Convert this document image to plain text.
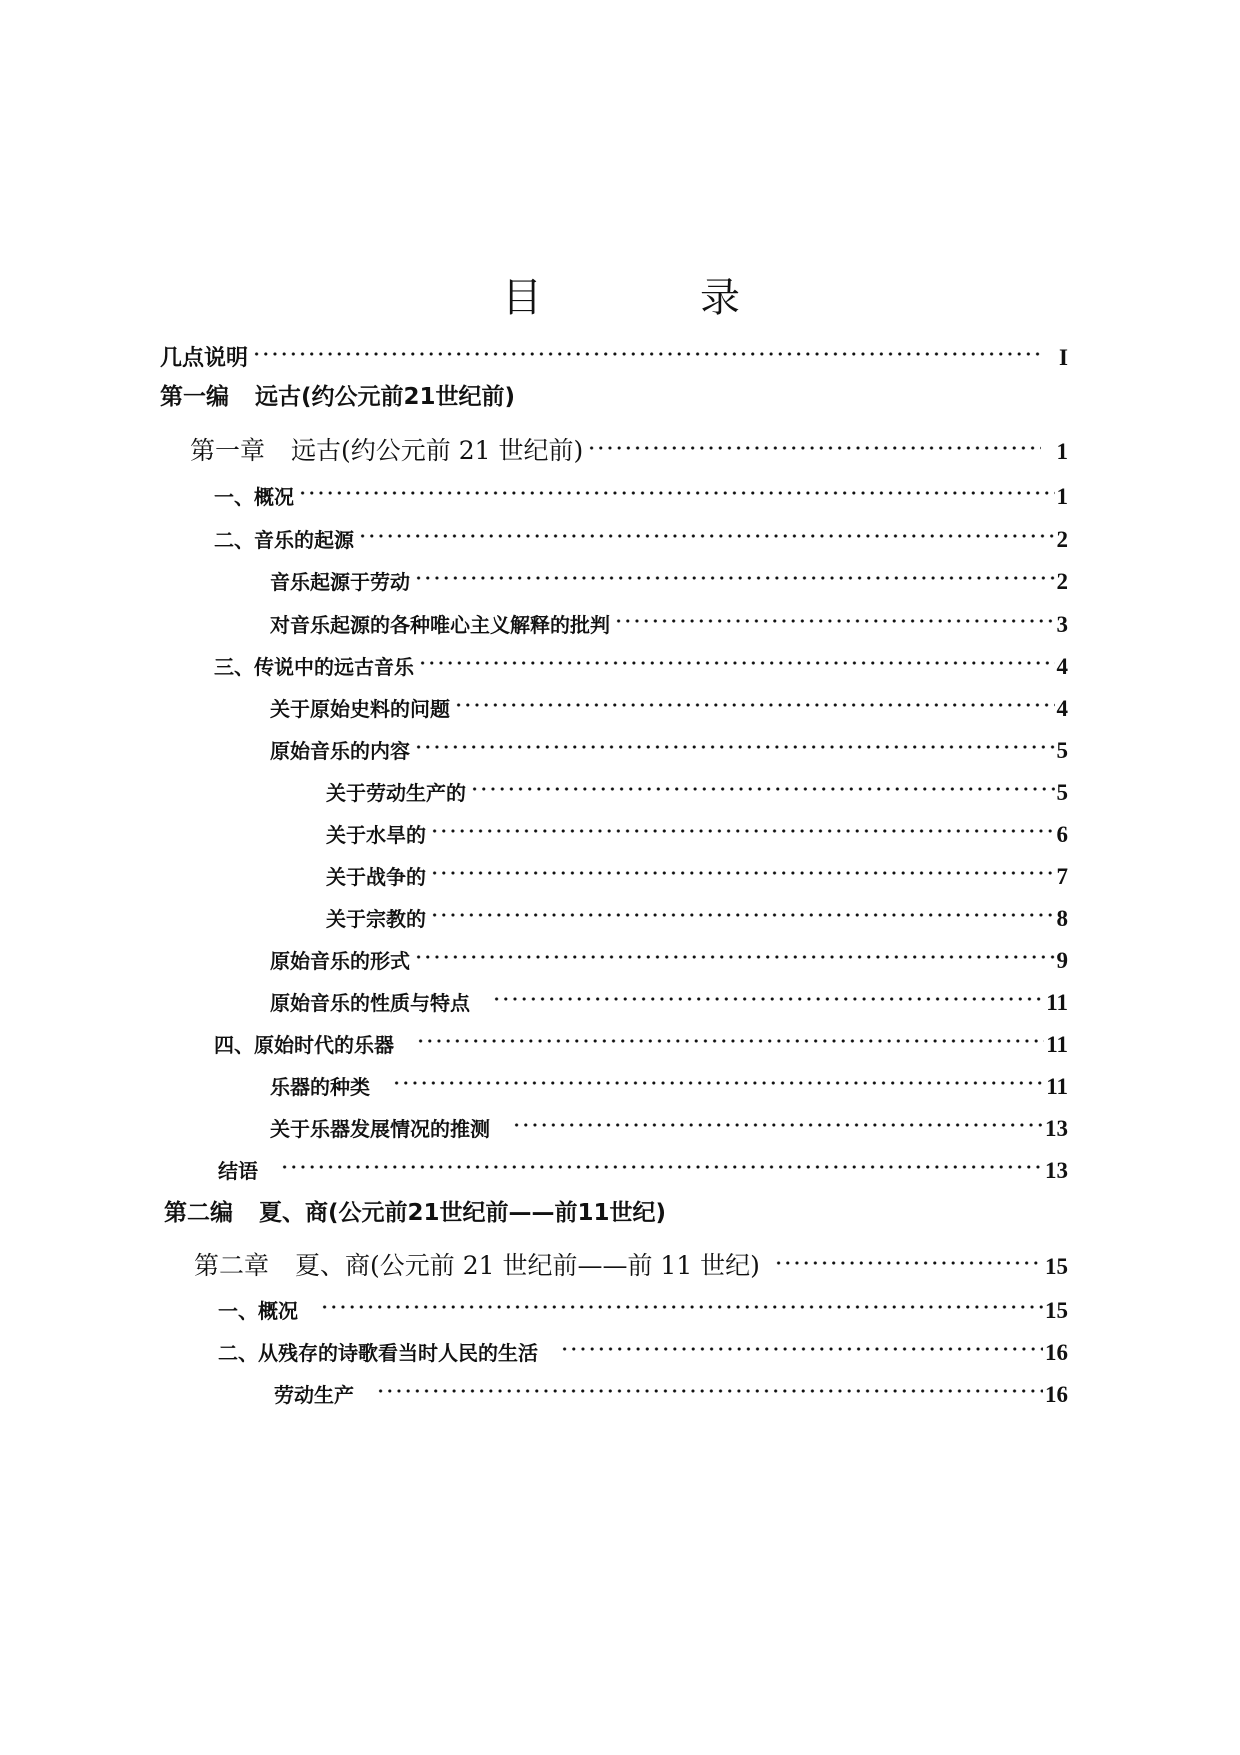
目	录
几点说明	I
第一编 远古(约公元前21世纪前)
第一章 远古(约公元前 21 世纪前)	1
一、概况	1
二、音乐的起源	2
音乐起源于劳动	2
对音乐起源的各种唯心主义解释的批判	3
三、传说中的远古音乐	4
关于原始史料的问题	4
原始音乐的内容	5
关于劳动生产的	5
关于水旱的	6
关于战争的	7
关于宗教的	8
原始音乐的形式	9
原始音乐的性质与特点	11
四、原始时代的乐器	11
乐器的种类	11
关于乐器发展情况的推测	13
结语	13
第二编 夏、商(公元前21世纪前——前11世纪)
第二章 夏、商(公元前 21 世纪前——前 11 世纪)	15
一、概况	15
二、从残存的诗歌看当时人民的生活	16
劳动生产	16
